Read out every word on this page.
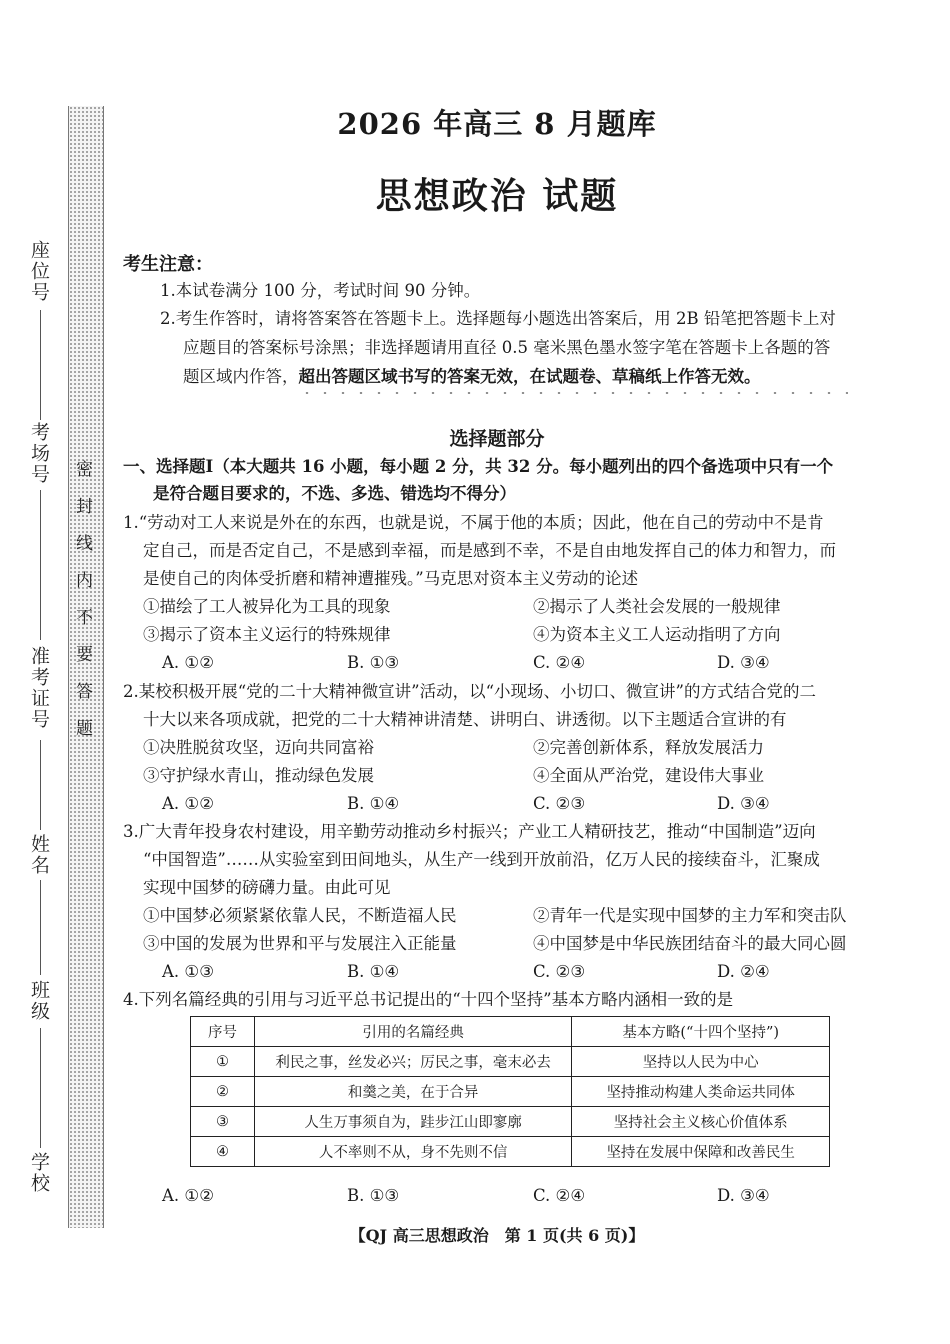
座位号
考场号
准考证号
姓名
班级
学校
密封线内不要答题
2026 年高三 8 月题库
思想政治 试题
考生注意：
1.本试卷满分 100 分，考试时间 90 分钟。
2.考生作答时，请将答案答在答题卡上。选择题每小题选出答案后，用 2B 铅笔把答题卡上对
应题目的答案标号涂黑；非选择题请用直径 0.5 毫米黑色墨水签字笔在答题卡上各题的答
题区域内作答，超出答题区域书写的答案无效，在试题卷、草稿纸上作答无效。
选择题部分
一、选择题Ⅰ（本大题共 16 小题，每小题 2 分，共 32 分。每小题列出的四个备选项中只有一个
是符合题目要求的，不选、多选、错选均不得分）
1.“劳动对工人来说是外在的东西，也就是说，不属于他的本质；因此，他在自己的劳动中不是肯
定自己，而是否定自己，不是感到幸福，而是感到不幸，不是自由地发挥自己的体力和智力，而
是使自己的肉体受折磨和精神遭摧残。”马克思对资本主义劳动的论述
①描绘了工人被异化为工具的现象	②揭示了人类社会发展的一般规律
③揭示了资本主义运行的特殊规律	④为资本主义工人运动指明了方向
A. ①②	B. ①③	C. ②④	D. ③④
2.某校积极开展“党的二十大精神微宣讲”活动，以“小现场、小切口、微宣讲”的方式结合党的二
十大以来各项成就，把党的二十大精神讲清楚、讲明白、讲透彻。以下主题适合宣讲的有
①决胜脱贫攻坚，迈向共同富裕	②完善创新体系，释放发展活力
③守护绿水青山，推动绿色发展	④全面从严治党，建设伟大事业
A. ①②	B. ①④	C. ②③	D. ③④
3.广大青年投身农村建设，用辛勤劳动推动乡村振兴；产业工人精研技艺，推动“中国制造”迈向
“中国智造”……从实验室到田间地头，从生产一线到开放前沿，亿万人民的接续奋斗，汇聚成
实现中国梦的磅礴力量。由此可见
①中国梦必须紧紧依靠人民，不断造福人民	②青年一代是实现中国梦的主力军和突击队
③中国的发展为世界和平与发展注入正能量	④中国梦是中华民族团结奋斗的最大同心圆
A. ①③	B. ①④	C. ②③	D. ②④
4.下列名篇经典的引用与习近平总书记提出的“十四个坚持”基本方略内涵相一致的是
序号	引用的名篇经典	基本方略(“十四个坚持”)
①	利民之事，丝发必兴；厉民之事，毫末必去	坚持以人民为中心
②	和羹之美，在于合异	坚持推动构建人类命运共同体
③	人生万事须自为，跬步江山即寥廓	坚持社会主义核心价值体系
④	人不率则不从，身不先则不信	坚持在发展中保障和改善民生
A. ①②	B. ①③	C. ②④	D. ③④
【QJ 高三思想政治　第 1 页(共 6 页)】
